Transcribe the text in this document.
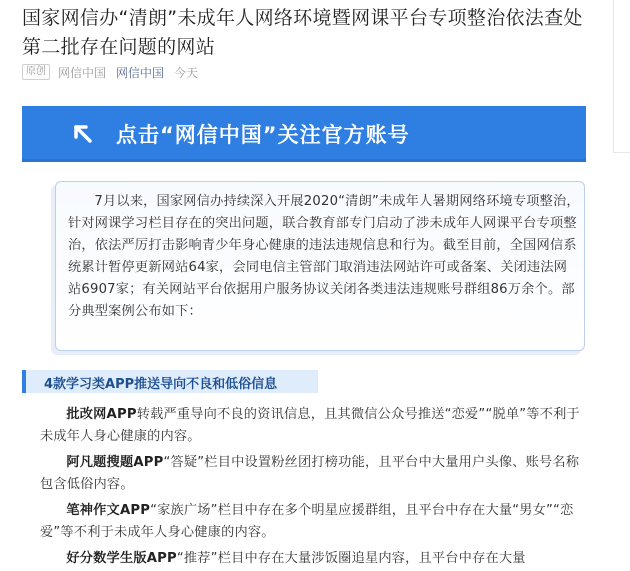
国家网信办“清朗”未成年人网络环境暨网课平台专项整治依法查处第二批存在问题的网站
原创	网信中国 网信中国 今天
点击“网信中国”关注官方账号
7月以来，国家网信办持续深入开展2020“清朗”未成年人暑期网络环境专项整治，针对网课学习栏目存在的突出问题，联合教育部专门启动了涉未成年人网课平台专项整治，依法严厉打击影响青少年身心健康的违法违规信息和行为。截至目前，全国网信系统累计暂停更新网站64家，会同电信主管部门取消违法网站许可或备案、关闭违法网站6907家；有关网站平台依据用户服务协议关闭各类违法违规账号群组86万余个。部分典型案例公布如下：
4款学习类APP推送导向不良和低俗信息
批改网APP转载严重导向不良的资讯信息，且其微信公众号推送“恋爱”“脱单”等不利于未成年人身心健康的内容。
阿凡题搜题APP“答疑”栏目中设置粉丝团打榜功能，且平台中大量用户头像、账号名称包含低俗内容。
笔神作文APP“家族广场”栏目中存在多个明星应援群组，且平台中存在大量“男女”“恋爱”等不利于未成年人身心健康的内容。
好分数学生版APP“推荐”栏目中存在大量涉饭圈追星内容，且平台中存在大量
